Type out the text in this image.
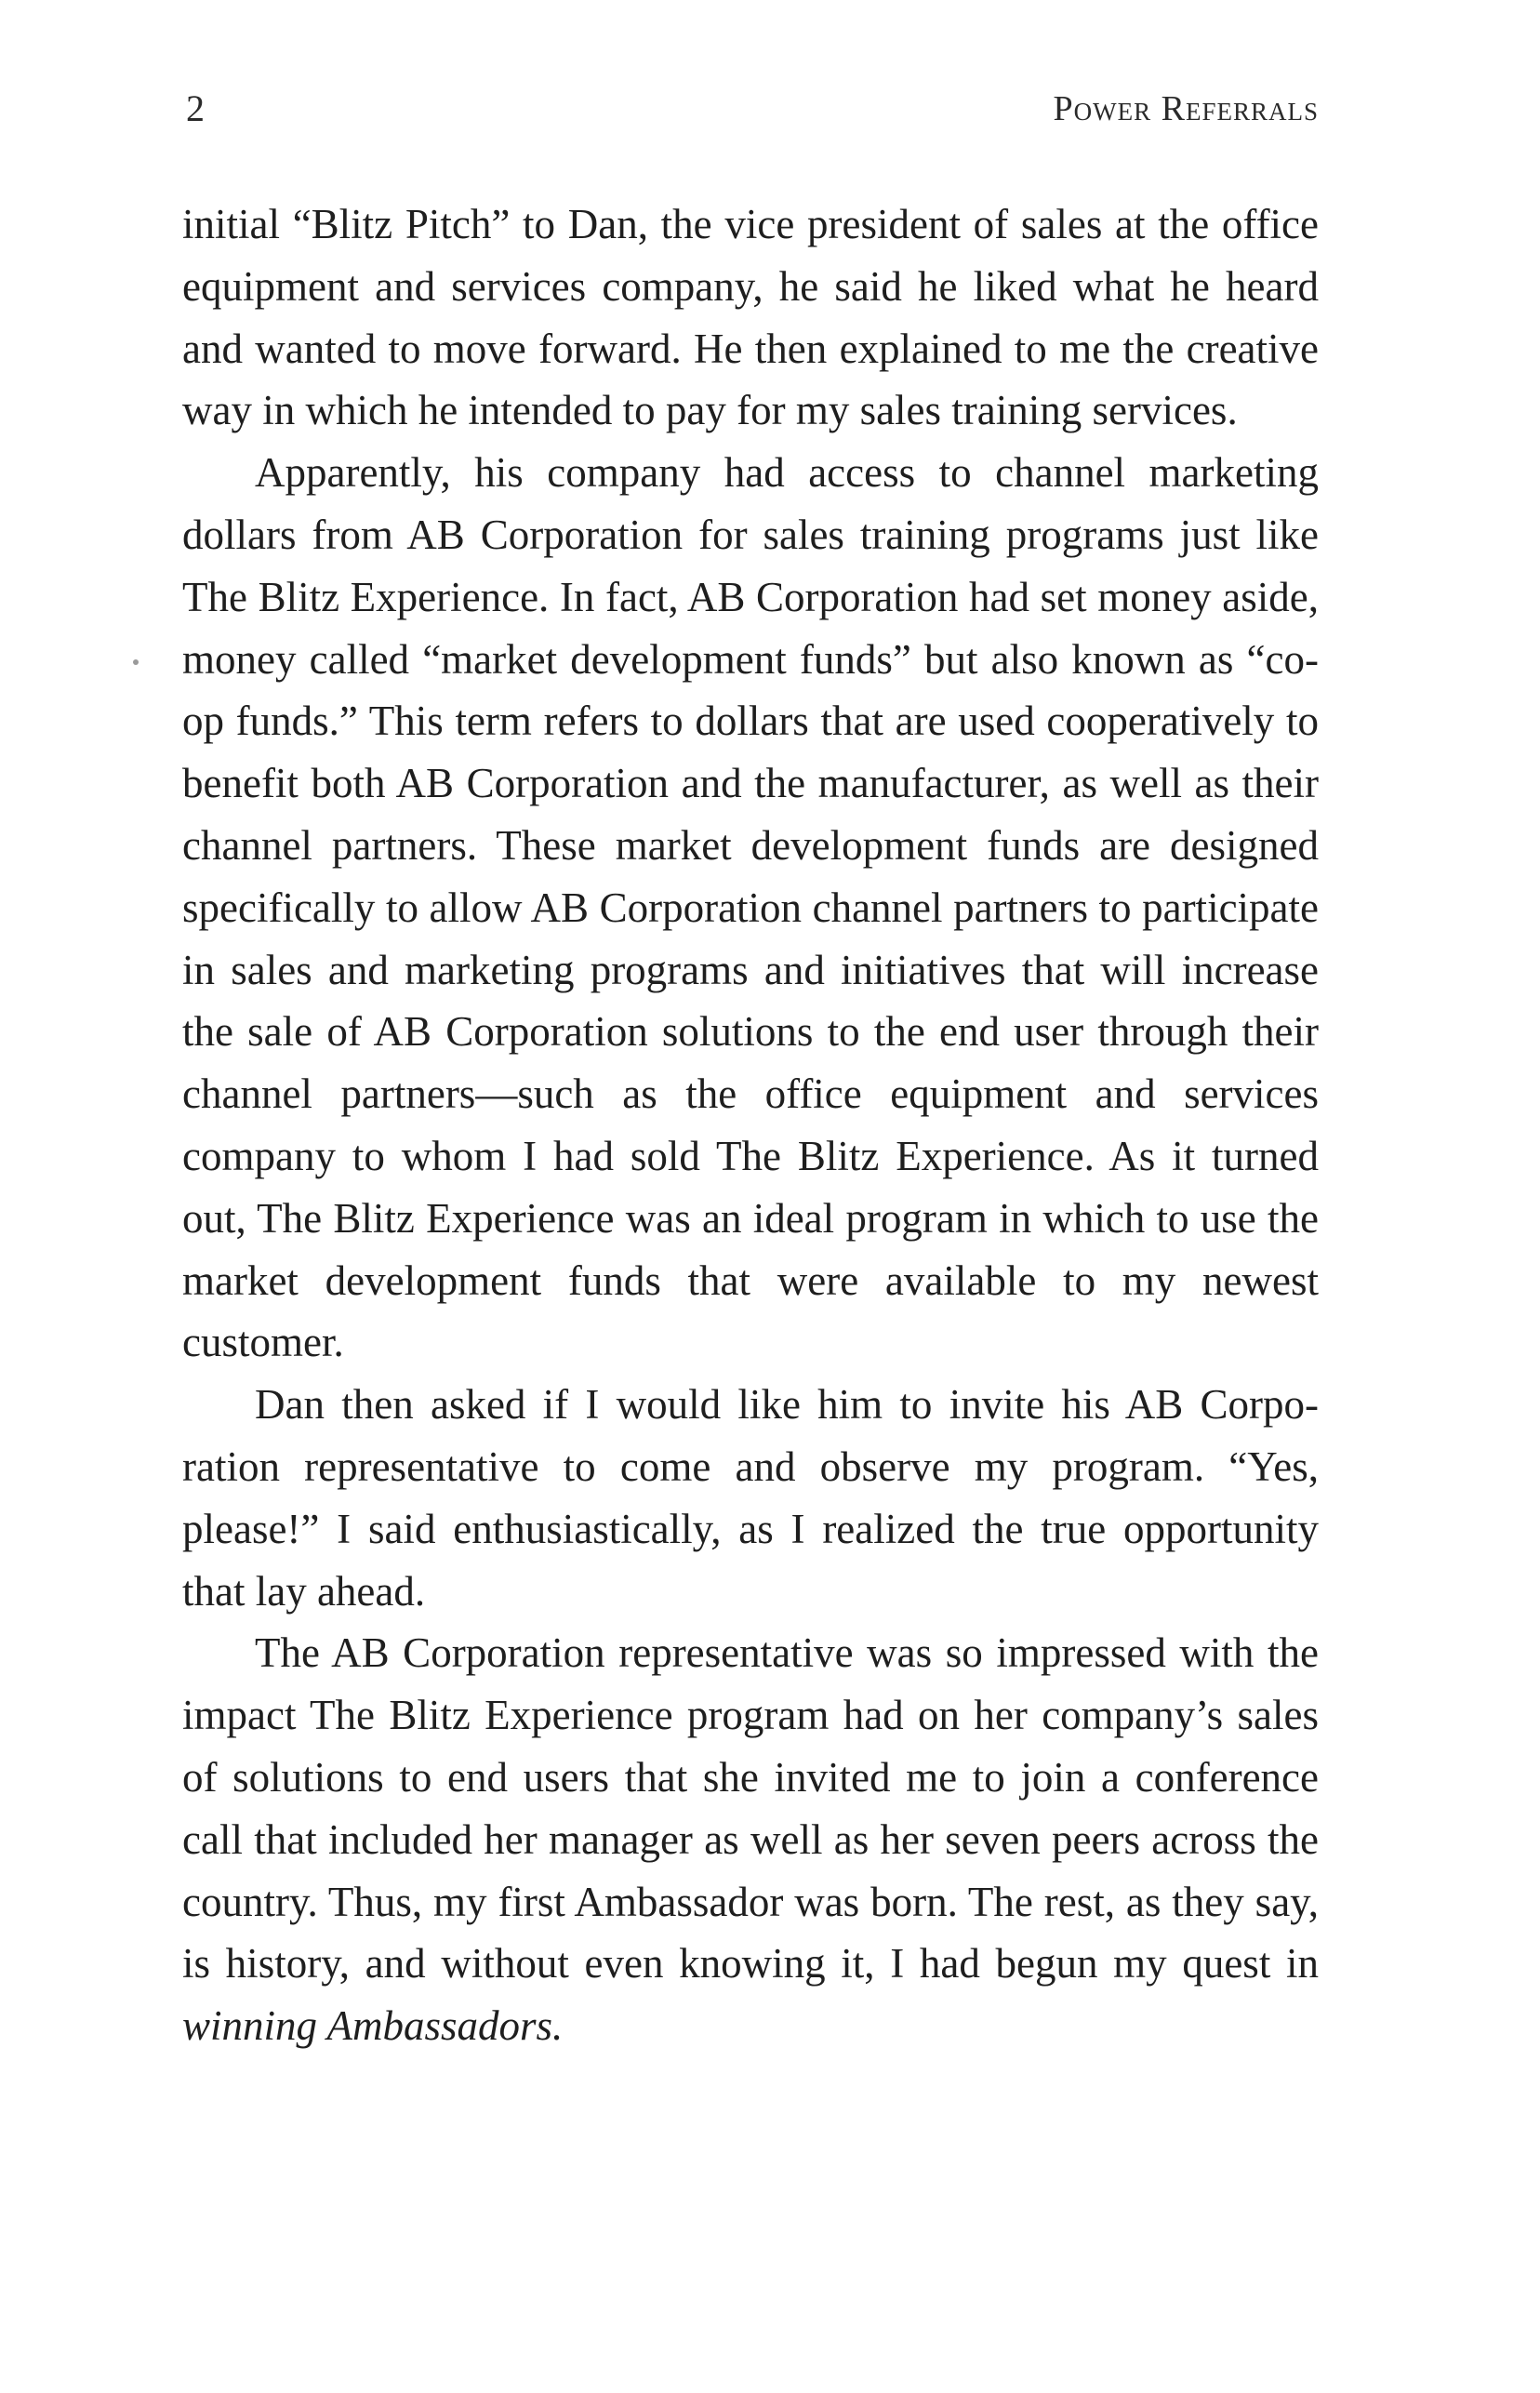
2	Power Referrals

initial “Blitz Pitch” to Dan, the vice president of sales at the office equipment and services company, he said he liked what he heard and wanted to move forward. He then explained to me the creative way in which he intended to pay for my sales training services.

Apparently, his company had access to channel marketing dollars from AB Corporation for sales training programs just like The Blitz Experience. In fact, AB Corporation had set money aside, money called “market development funds” but also known as “co-op funds.” This term refers to dollars that are used cooperatively to benefit both AB Corporation and the manufacturer, as well as their channel partners. These market development funds are designed specifically to allow AB Corporation channel partners to participate in sales and marketing programs and initiatives that will increase the sale of AB Corporation solutions to the end user through their channel partners—such as the office equipment and services company to whom I had sold The Blitz Experience. As it turned out, The Blitz Experience was an ideal program in which to use the market development funds that were available to my newest customer.

Dan then asked if I would like him to invite his AB Corporation representative to come and observe my program. “Yes, please!” I said enthusiastically, as I realized the true opportunity that lay ahead.

The AB Corporation representative was so impressed with the impact The Blitz Experience program had on her company’s sales of solutions to end users that she invited me to join a conference call that included her manager as well as her seven peers across the country. Thus, my first Ambassador was born. The rest, as they say, is history, and without even knowing it, I had begun my quest in winning Ambassadors.
